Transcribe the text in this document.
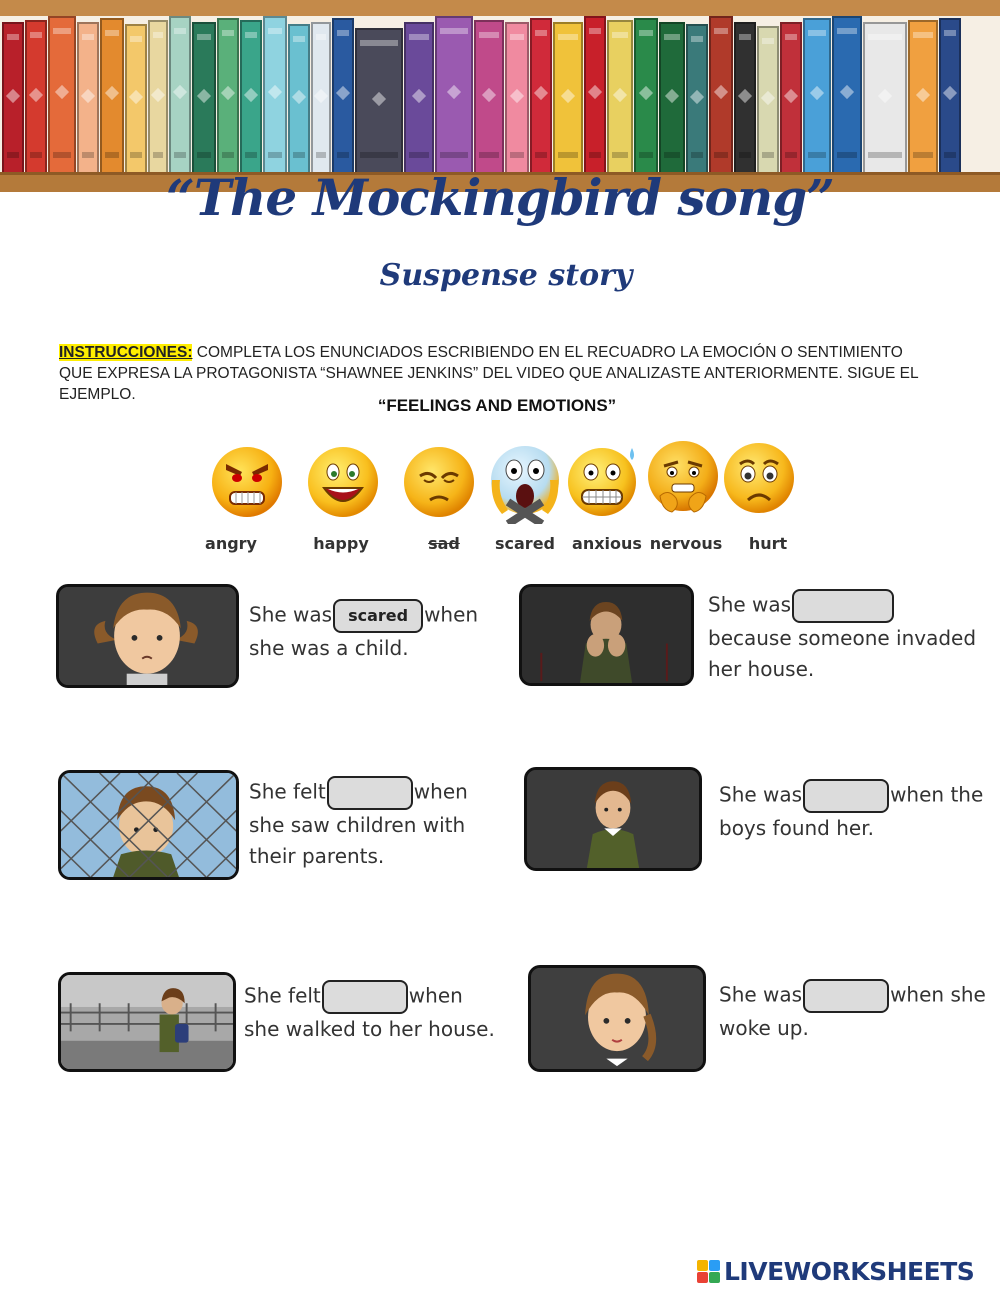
“The Mockingbird song”
Suspense story
INSTRUCCIONES: COMPLETA LOS ENUNCIADOS ESCRIBIENDO EN EL RECUADRO LA EMOCIÓN O SENTIMIENTO QUE EXPRESA LA PROTAGONISTA “SHAWNEE JENKINS” DEL VIDEO QUE ANALIZASTE ANTERIORMENTE. SIGUE EL EJEMPLO.
“FEELINGS AND EMOTIONS”
angry	happy	sad	scared	anxious nervous	hurt
She was scared when she was a child.
She was
because someone invaded her house.
She felt	when she saw children with their parents.
She was	when the boys found her.
She felt	when she walked to her house.
She was	when she woke up.
LIVEWORKSHEETS
